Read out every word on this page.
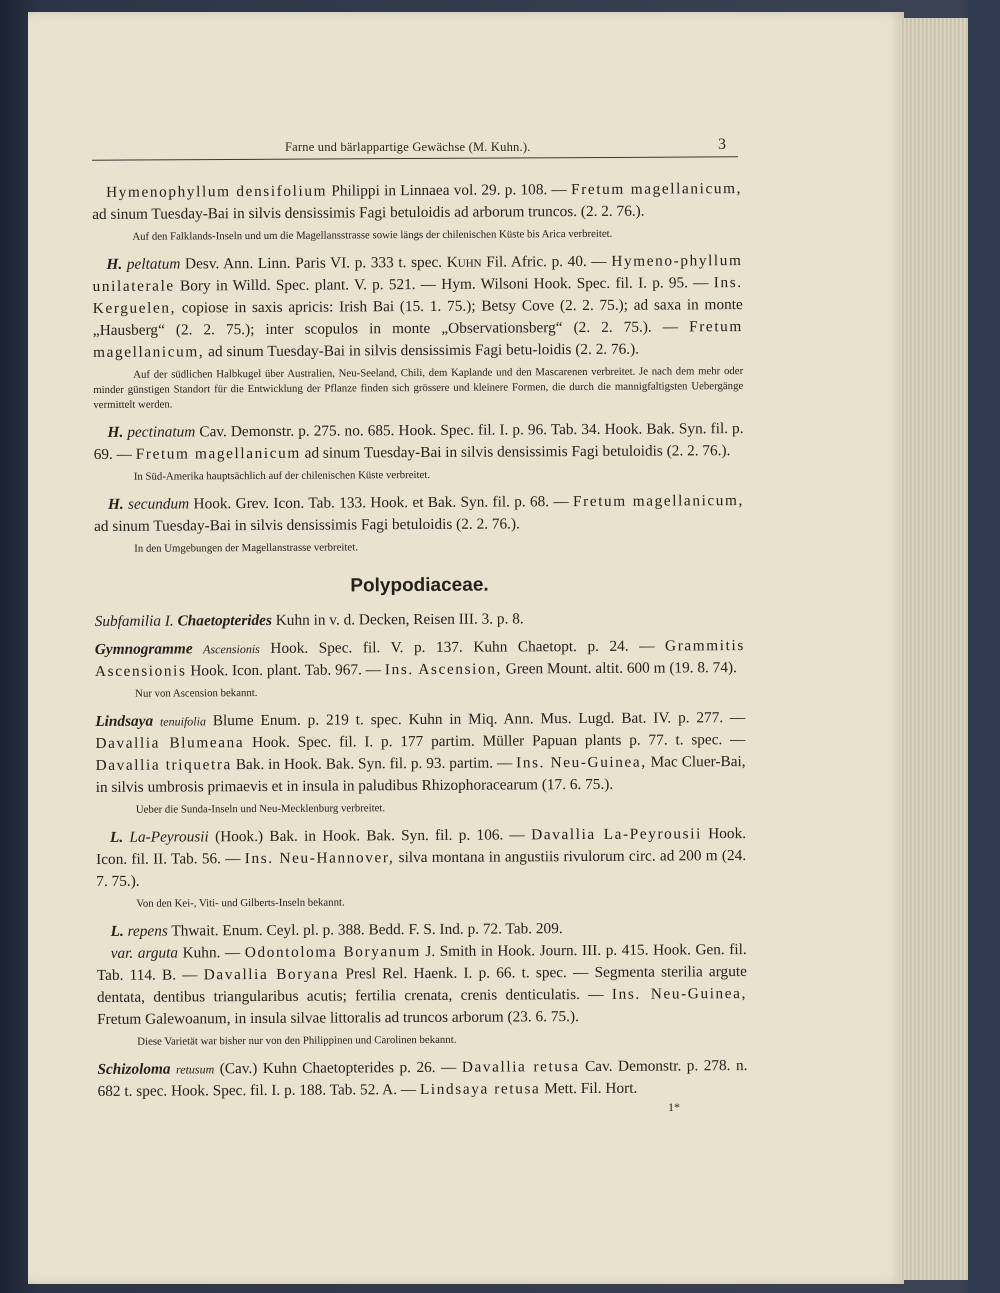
Farne und bärlappartige Gewächse (M. Kuhn.).	3

Hymenophyllum densifolium Philippi in Linnaea vol. 29. p. 108. — Fretum magellanicum, ad sinum Tuesday-Bai in silvis densissimis Fagi betuloidis ad arborum truncos. (2. 2. 76.).

Auf den Falklands-Inseln und um die Magellansstrasse sowie längs der chilenischen Küste bis Arica verbreitet.

H. peltatum Desv. Ann. Linn. Paris VI. p. 333 t. spec. Kuhn Fil. Afric. p. 40. — Hymeno-phyllum unilaterale Bory in Willd. Spec. plant. V. p. 521. — Hym. Wilsoni Hook. Spec. fil. I. p. 95. — Ins. Kerguelen, copiose in saxis apricis: Irish Bai (15. 1. 75.); Betsy Cove (2. 2. 75.); ad saxa in monte „Hausberg“ (2. 2. 75.); inter scopulos in monte „Observationsberg“ (2. 2. 75.). — Fretum magellanicum, ad sinum Tuesday-Bai in silvis densissimis Fagi betu-loidis (2. 2. 76.).

Auf der südlichen Halbkugel über Australien, Neu-Seeland, Chili, dem Kaplande und den Mascarenen verbreitet. Je nach dem mehr oder minder günstigen Standort für die Entwicklung der Pflanze finden sich grössere und kleinere Formen, die durch die mannigfaltigsten Uebergänge vermittelt werden.

H. pectinatum Cav. Demonstr. p. 275. no. 685. Hook. Spec. fil. I. p. 96. Tab. 34. Hook. Bak. Syn. fil. p. 69. — Fretum magellanicum ad sinum Tuesday-Bai in silvis densissimis Fagi betuloidis (2. 2. 76.).

In Süd-Amerika hauptsächlich auf der chilenischen Küste verbreitet.

H. secundum Hook. Grev. Icon. Tab. 133. Hook. et Bak. Syn. fil. p. 68. — Fretum magellanicum, ad sinum Tuesday-Bai in silvis densissimis Fagi betuloidis (2. 2. 76.).

In den Umgebungen der Magellanstrasse verbreitet.

Polypodiaceae.

Subfamilia I. Chaetopterides Kuhn in v. d. Decken, Reisen III. 3. p. 8.

Gymnogramme Ascensionis Hook. Spec. fil. V. p. 137. Kuhn Chaetopt. p. 24. — Grammitis Ascensionis Hook. Icon. plant. Tab. 967. — Ins. Ascension, Green Mount. altit. 600 m (19. 8. 74).

Nur von Ascension bekannt.

Lindsaya tenuifolia Blume Enum. p. 219 t. spec. Kuhn in Miq. Ann. Mus. Lugd. Bat. IV. p. 277. — Davallia Blumeana Hook. Spec. fil. I. p. 177 partim. Müller Papuan plants p. 77. t. spec. — Davallia triquetra Bak. in Hook. Bak. Syn. fil. p. 93. partim. — Ins. Neu-Guinea, Mac Cluer-Bai, in silvis umbrosis primaevis et in insula in paludibus Rhizophoracearum (17. 6. 75.).

Ueber die Sunda-Inseln und Neu-Mecklenburg verbreitet.

L. La-Peyrousii (Hook.) Bak. in Hook. Bak. Syn. fil. p. 106. — Davallia La-Peyrousii Hook. Icon. fil. II. Tab. 56. — Ins. Neu-Hannover, silva montana in angustiis rivulorum circ. ad 200 m (24. 7. 75.).

Von den Kei-, Viti- und Gilberts-Inseln bekannt.

L. repens Thwait. Enum. Ceyl. pl. p. 388. Bedd. F. S. Ind. p. 72. Tab. 209.

var. arguta Kuhn. — Odontoloma Boryanum J. Smith in Hook. Journ. III. p. 415. Hook. Gen. fil. Tab. 114. B. — Davallia Boryana Presl Rel. Haenk. I. p. 66. t. spec. — Segmenta sterilia argute dentata, dentibus triangularibus acutis; fertilia crenata, crenis denticulatis. — Ins. Neu-Guinea, Fretum Galewoanum, in insula silvae littoralis ad truncos arborum (23. 6. 75.).

Diese Varietät war bisher nur von den Philippinen und Carolinen bekannt.

Schizoloma retusum (Cav.) Kuhn Chaetopterides p. 26. — Davallia retusa Cav. Demonstr. p. 278. n. 682 t. spec. Hook. Spec. fil. I. p. 188. Tab. 52. A. — Lindsaya retusa Mett. Fil. Hort.

1*
